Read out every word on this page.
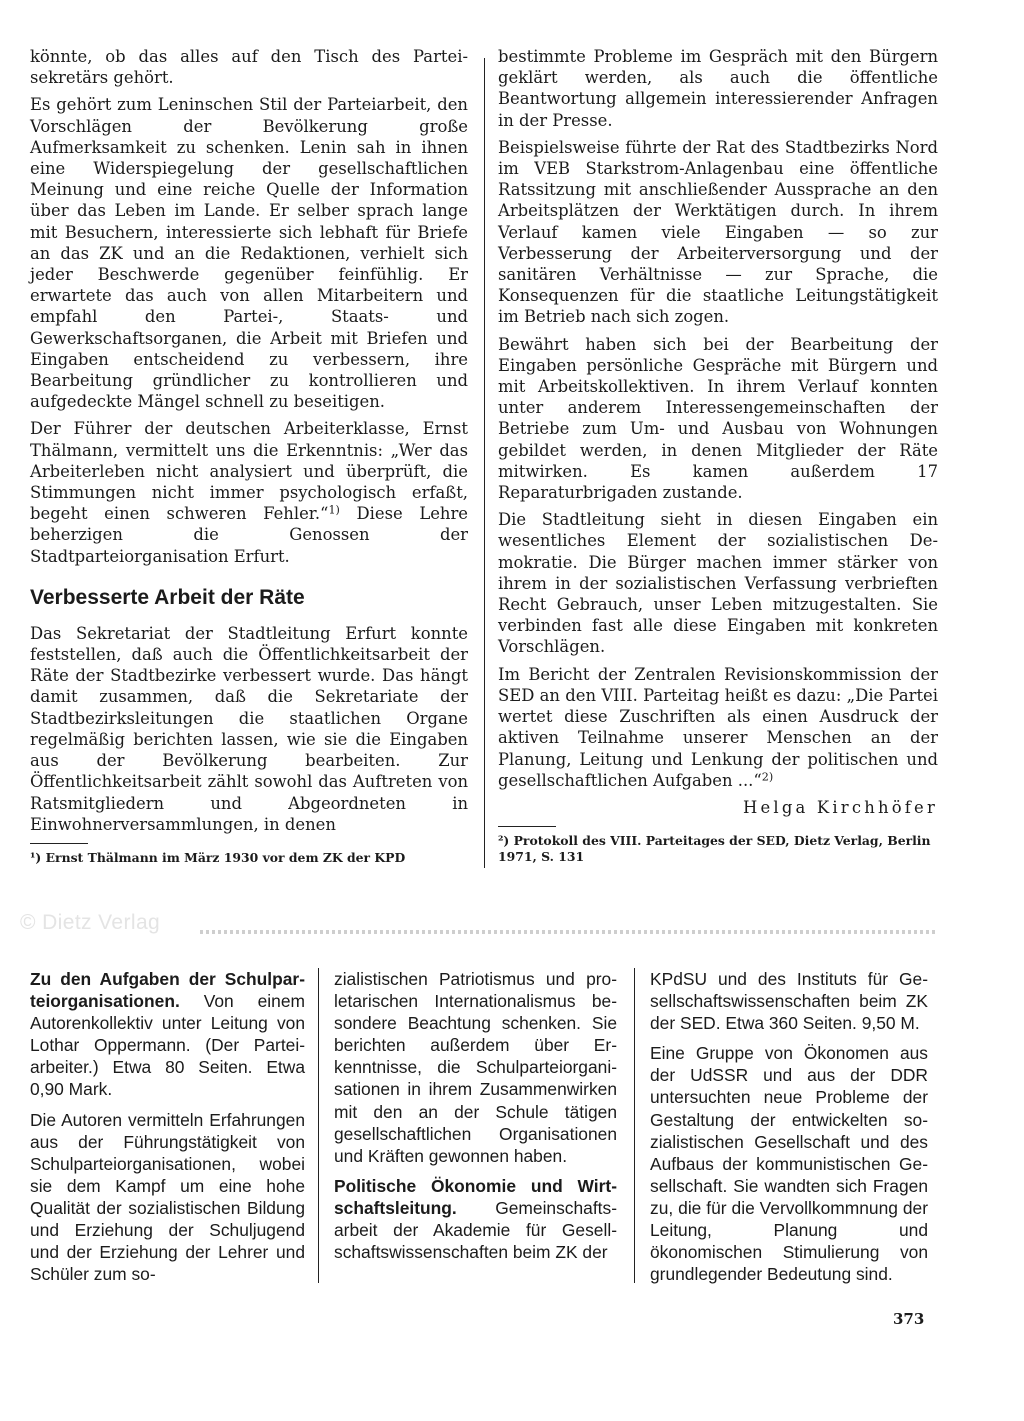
könnte, ob das alles auf den Tisch des Parteisekretärs gehört.

Es gehört zum Leninschen Stil der Parteiarbeit, den Vorschlägen der Bevölkerung große Aufmerksamkeit zu schenken. Lenin sah in ihnen eine Widerspiegelung der gesellschaftlichen Meinung und eine reiche Quelle der Information über das Leben im Lande. Er selber sprach lange mit Besuchern, interessierte sich lebhaft für Briefe an das ZK und an die Redaktionen, verhielt sich jeder Beschwerde gegenüber feinfühlig. Er erwartete das auch von allen Mitarbeitern und empfahl den Partei-, Staats- und Gewerkschaftsorganen, die Arbeit mit Briefen und Eingaben entscheidend zu verbessern, ihre Bearbeitung gründlicher zu kontrollieren und aufgedeckte Mängel schnell zu beseitigen.

Der Führer der deutschen Arbeiterklasse, Ernst Thälmann, vermittelt uns die Erkenntnis: „Wer das Arbeiterleben nicht analysiert und überprüft, die Stimmungen nicht immer psychologisch erfaßt, begeht einen schweren Fehler.“$^{1)}$ Diese Lehre beherzigen die Genossen der Stadtparteiorganisation Erfurt.

Verbesserte Arbeit der Räte

Das Sekretariat der Stadtleitung Erfurt konnte feststellen, daß auch die Öffentlichkeitsarbeit der Räte der Stadtbezirke verbessert wurde. Das hängt damit zusammen, daß die Sekretariate der Stadtbezirksleitungen die staatlichen Organe regelmäßig berichten lassen, wie sie die Eingaben aus der Bevölkerung bearbeiten. Zur Öffentlichkeitsarbeit zählt sowohl das Auftreten von Ratsmitgliedern und Abgeordneten in Einwohnerversammlungen, in denen

¹) Ernst Thälmann im März 1930 vor dem ZK der KPD

bestimmte Probleme im Gespräch mit den Bürgern geklärt werden, als auch die öffentliche Beantwortung allgemein interessierender Anfragen in der Presse.

Beispielsweise führte der Rat des Stadtbezirks Nord im VEB Starkstrom-Anlagenbau eine öffentliche Ratssitzung mit anschließender Aussprache an den Arbeitsplätzen der Werktätigen durch. In ihrem Verlauf kamen viele Eingaben — so zur Verbesserung der Arbeiterversorgung und der sanitären Verhältnisse — zur Sprache, die Konsequenzen für die staatliche Leitungstätigkeit im Betrieb nach sich zogen.

Bewährt haben sich bei der Bearbeitung der Eingaben persönliche Gespräche mit Bürgern und mit Arbeitskollektiven. In ihrem Verlauf konnten unter anderem Interessengemeinschaften der Betriebe zum Um- und Ausbau von Wohnungen gebildet werden, in denen Mitglieder der Räte mitwirken. Es kamen außerdem 17 Reparaturbrigaden zustande.

Die Stadtleitung sieht in diesen Eingaben ein wesentliches Element der sozialistischen Demokratie. Die Bürger machen immer stärker von ihrem in der sozialistischen Verfassung verbrieften Recht Gebrauch, unser Leben mitzugestalten. Sie verbinden fast alle diese Eingaben mit konkreten Vorschlägen.

Im Bericht der Zentralen Revisionskommission der SED an den VIII. Parteitag heißt es dazu: „Die Partei wertet diese Zuschriften als einen Ausdruck der aktiven Teilnahme unserer Menschen an der Planung, Leitung und Lenkung der politischen und gesellschaftlichen Aufgaben ...“$^{2)}$

Helga Kirchhöfer

²) Protokoll des VIII. Parteitages der SED, Dietz Verlag, Berlin 1971, S. 131

© Dietz Verlag

Zu den Aufgaben der Schulparteiorganisationen. Von einem Autorenkollektiv unter Leitung von Lothar Oppermann. (Der Parteiarbeiter.) Etwa 80 Seiten. Etwa 0,90 Mark.

Die Autoren vermitteln Erfahrungen aus der Führungstätigkeit von Schulparteiorganisationen, wobei sie dem Kampf um eine hohe Qualität der sozialistischen Bildung und Erziehung der Schuljugend und der Erziehung der Lehrer und Schüler zum so-

zialistischen Patriotismus und proletarischen Internationalismus besondere Beachtung schenken. Sie berichten außerdem über Erkenntnisse, die Schulparteiorganisationen in ihrem Zusammenwirken mit den an der Schule tätigen gesellschaftlichen Organisationen und Kräften gewonnen haben.

Politische Ökonomie und Wirtschaftsleitung. Gemeinschaftsarbeit der Akademie für Gesellschaftswissenschaften beim ZK der

KPdSU und des Instituts für Gesellschaftswissenschaften beim ZK der SED. Etwa 360 Seiten. 9,50 M.

Eine Gruppe von Ökonomen aus der UdSSR und aus der DDR untersuchten neue Probleme der Gestaltung der entwickelten sozialistischen Gesellschaft und des Aufbaus der kommunistischen Gesellschaft. Sie wandten sich Fragen zu, die für die Vervollkommnung der Leitung, Planung und ökonomischen Stimulierung von grundlegender Bedeutung sind.

373
